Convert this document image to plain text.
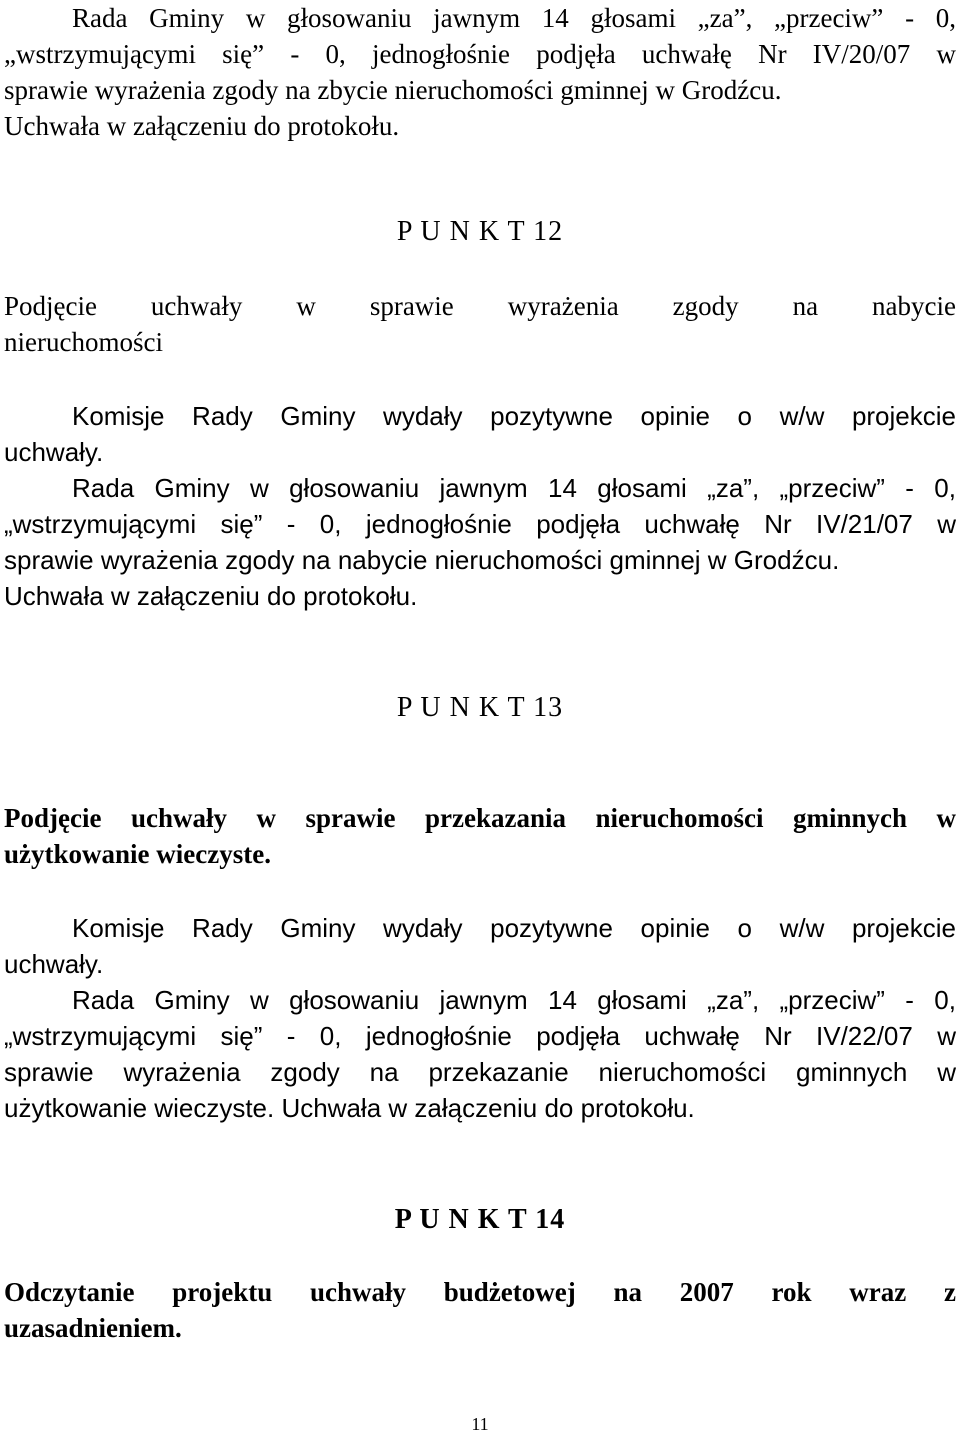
Rada Gminy w głosowaniu jawnym 14 głosami „za”, „przeciw” - 0,
„wstrzymującymi się” - 0, jednogłośnie podjęła uchwałę Nr IV/20/07 w
sprawie wyrażenia zgody na zbycie nieruchomości gminnej w Grodźcu.
Uchwała w załączeniu do protokołu.
P U N K T 12
Podjęcie uchwały w sprawie wyrażenia zgody na nabycie
nieruchomości
Komisje Rady Gminy wydały pozytywne opinie o w/w projekcie
uchwały.
Rada Gminy w głosowaniu jawnym 14 głosami „za”, „przeciw” - 0,
„wstrzymującymi się” - 0, jednogłośnie podjęła uchwałę Nr IV/21/07 w
sprawie wyrażenia zgody na nabycie nieruchomości gminnej w Grodźcu.
Uchwała w załączeniu do protokołu.
P U N K T 13
Podjęcie uchwały w sprawie przekazania nieruchomości gminnych w
użytkowanie wieczyste.
Komisje Rady Gminy wydały pozytywne opinie o w/w projekcie
uchwały.
Rada Gminy w głosowaniu jawnym 14 głosami „za”, „przeciw” - 0,
„wstrzymującymi się” - 0, jednogłośnie podjęła uchwałę Nr IV/22/07 w
sprawie wyrażenia zgody na przekazanie nieruchomości gminnych w
użytkowanie wieczyste. Uchwała w załączeniu do protokołu.
P U N K T 14
Odczytanie projektu uchwały budżetowej na 2007 rok wraz z
uzasadnieniem.
11
